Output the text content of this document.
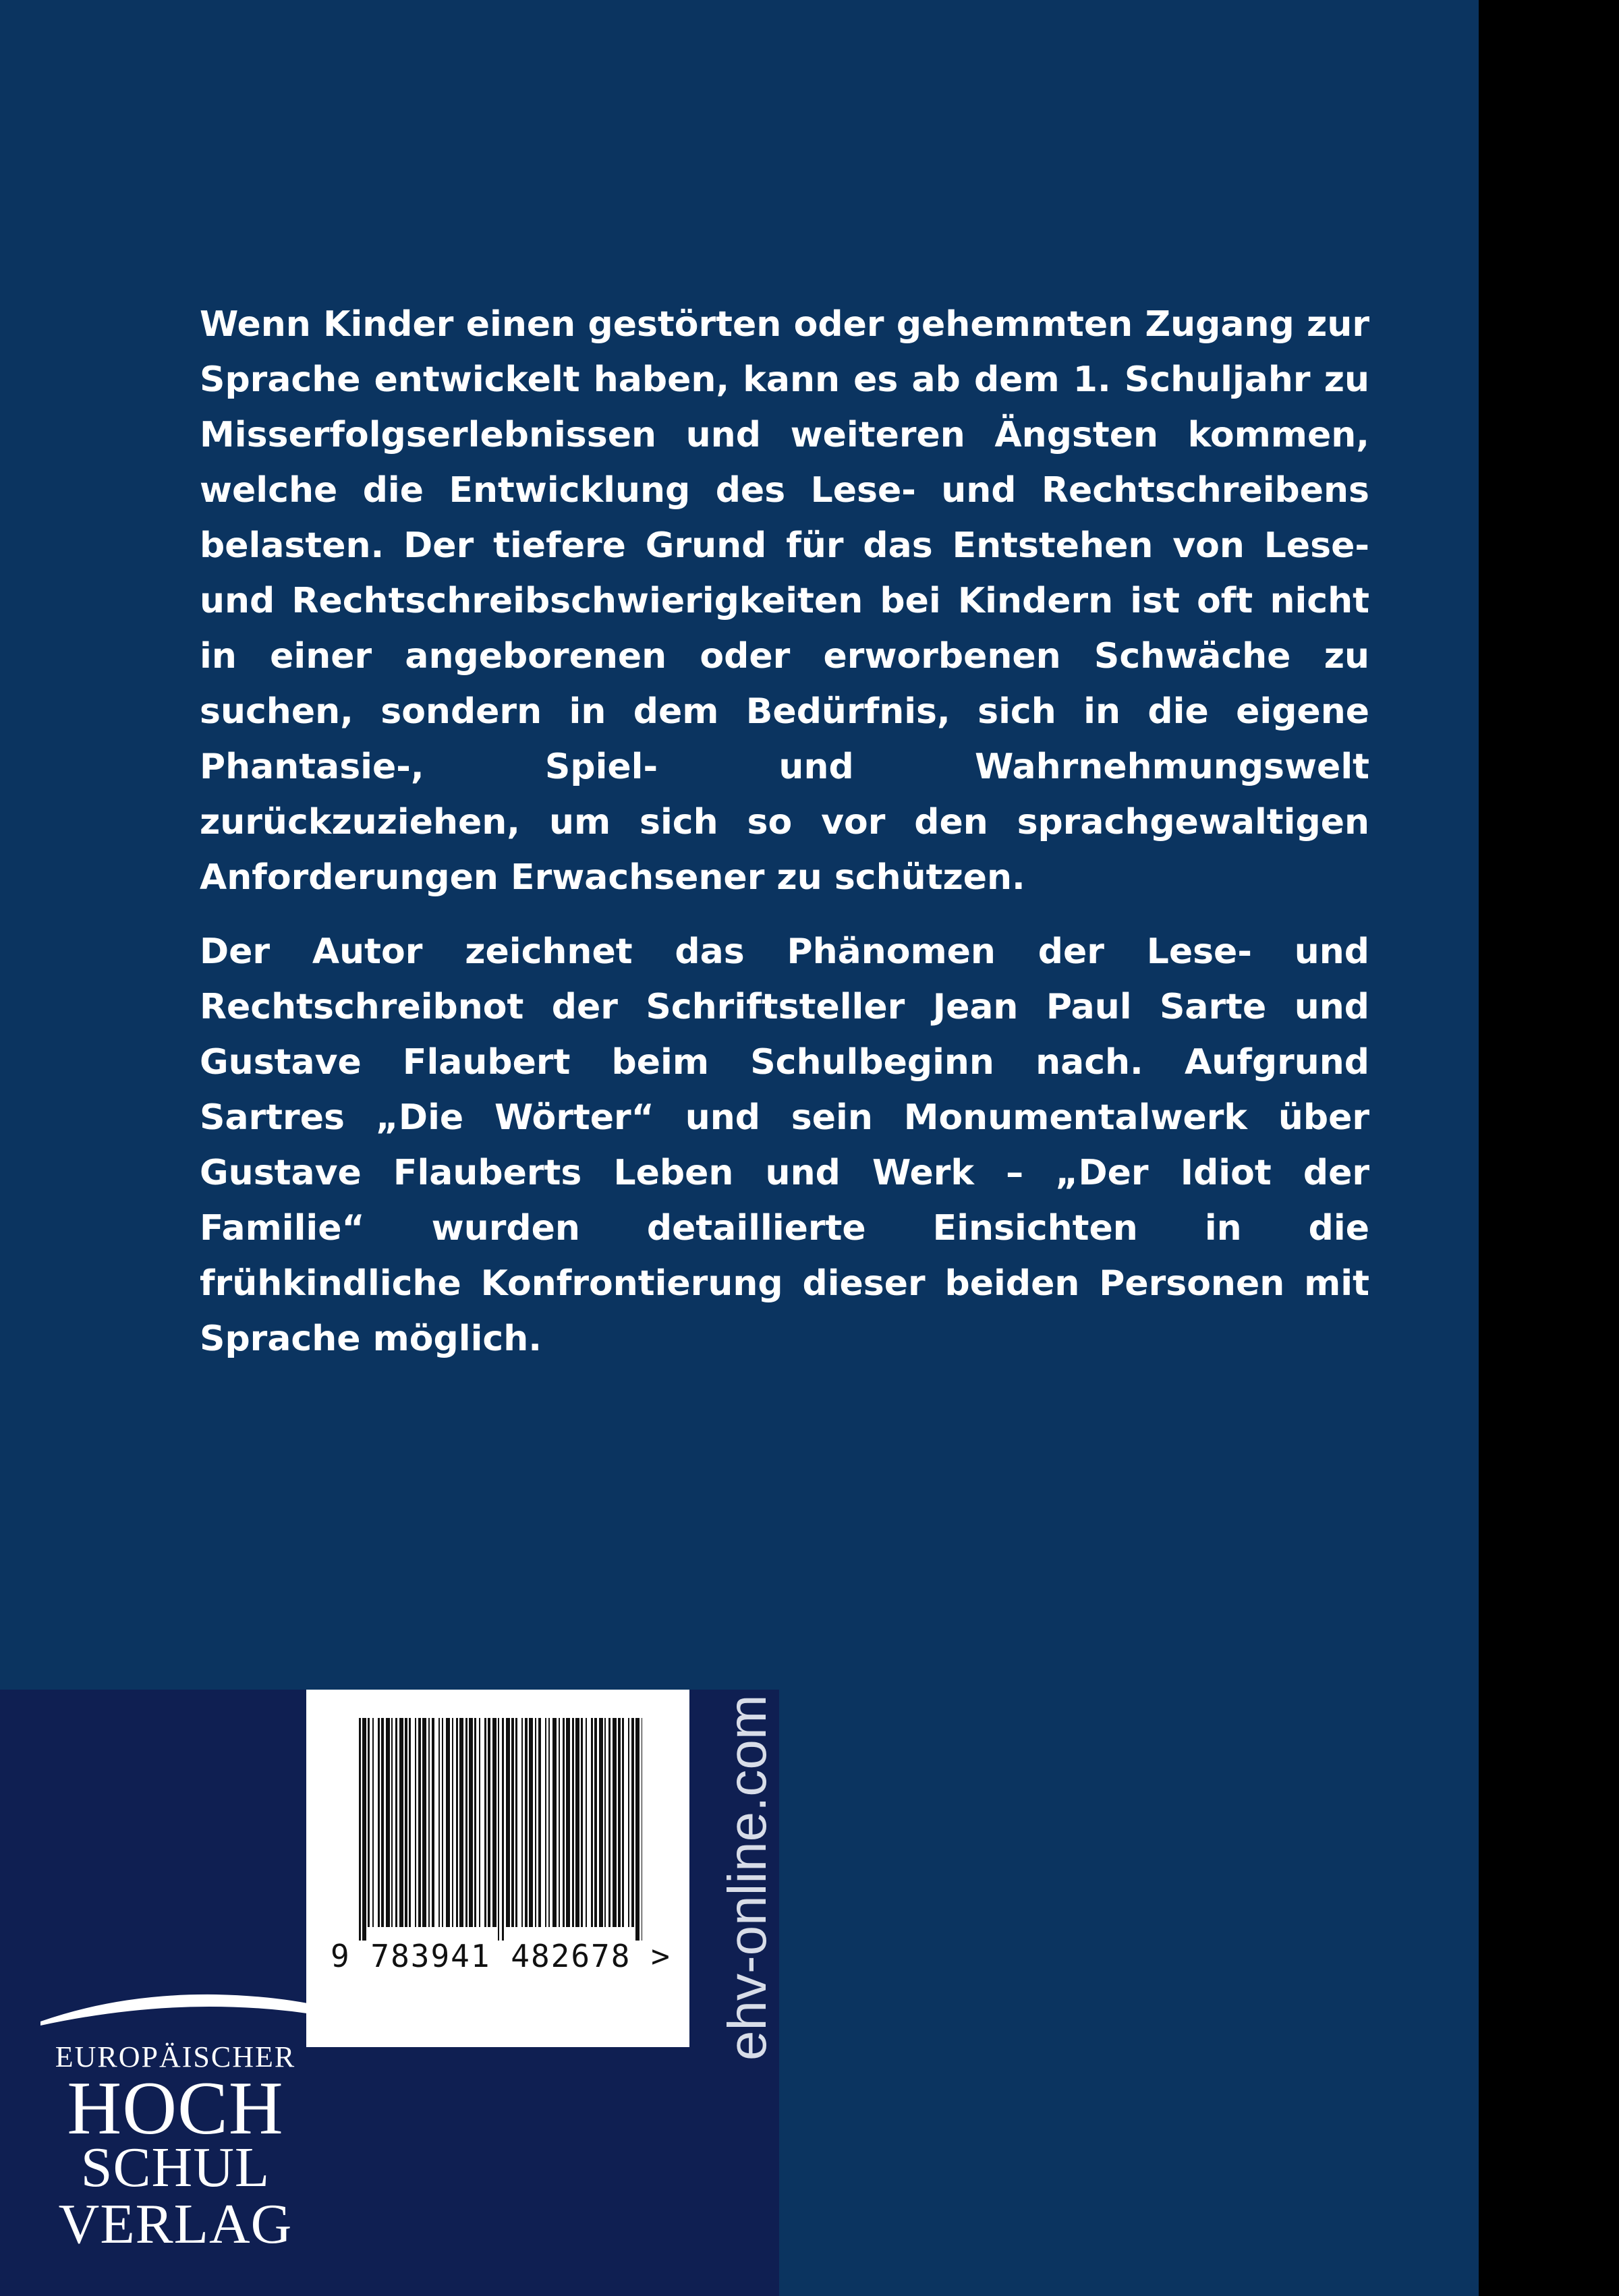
Wenn Kinder einen gestörten oder gehemmten Zugang zur Sprache entwickelt haben, kann es ab dem 1. Schuljahr zu Misserfolgserlebnissen und weiteren Ängsten kommen, welche die Entwicklung des Lese- und Rechtschreibens belasten. Der tiefere Grund für das Entstehen von Lese- und Rechtschreibschwierigkeiten bei Kindern ist oft nicht in einer angeborenen oder erworbenen Schwäche zu suchen, sondern in dem Bedürfnis, sich in die eigene Phantasie-, Spiel- und Wahrnehmungswelt zurückzuziehen, um sich so vor den sprachgewaltigen Anforderungen Erwachsener zu schützen.

Der Autor zeichnet das Phänomen der Lese- und Rechtschreibnot der Schriftsteller Jean Paul Sarte und Gustave Flaubert beim Schulbeginn nach. Aufgrund Sartres „Die Wörter“ und sein Monumentalwerk über Gustave Flauberts Leben und Werk – „Der Idiot der Familie“ wurden detaillierte Einsichten in die frühkindliche Konfrontierung dieser beiden Personen mit Sprache möglich.

9 783941 482678 > ehv-online.com
EUROPÄISCHER
HOCH
SCHUL
VERLAG
